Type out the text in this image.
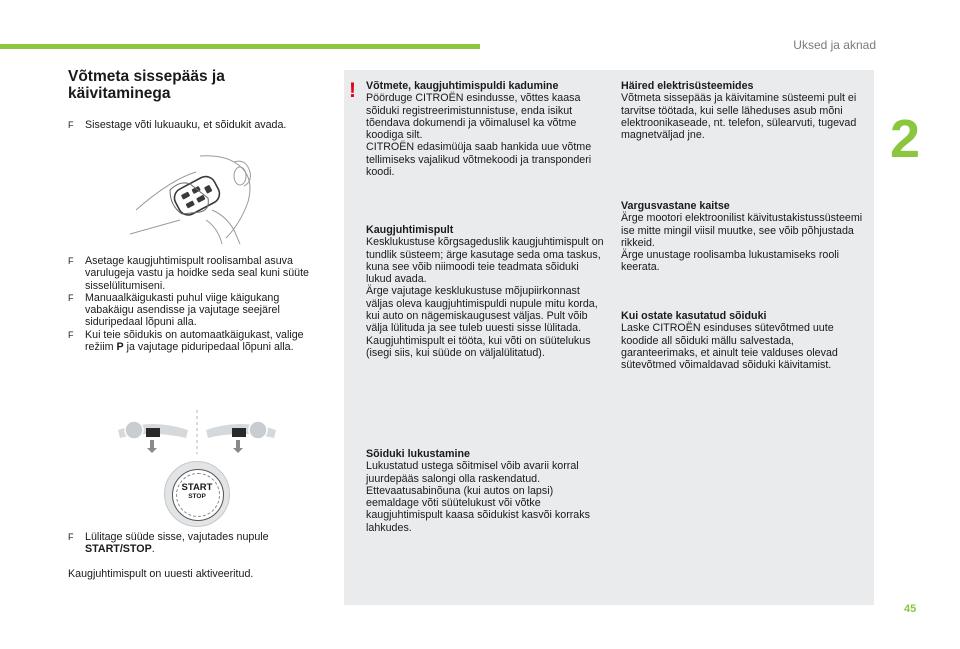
Uksed ja aknad
2
45
Võtmeta sissepääs ja
käivitaminega
F	Sisestage võti lukuauku, et sõidukit avada.
F	Asetage kaugjuhtimispult roolisambal asuva varulugeja vastu ja hoidke seda seal kuni süüte sisselülitumiseni.
F	Manuaalkäigukasti puhul viige käigukang vabakäigu asendisse ja vajutage seejärel siduripedaal lõpuni alla.
F	Kui teie sõidukis on automaatkäigukast, valige režiim P ja vajutage piduripedaal lõpuni alla.
START
STOP
F	Lülitage süüde sisse, vajutades nupule START/STOP.
Kaugjuhtimispult on uuesti aktiveeritud.
! Võtmete, kaugjuhtimispuldi kadumine

Pöörduge CITROËN esindusse, võttes kaasa sõiduki registreerimistunnistuse, enda isikut tõendava dokumendi ja võimalusel ka võtme koodiga silt.

CITROËN edasimüüja saab hankida uue võtme tellimiseks vajalikud võtmekoodi ja transponderi koodi.

Kaugjuhtimispult

Kesklukustuse kõrgsageduslik kaugjuhtimispult on tundlik süsteem; ärge kasutage seda oma taskus, kuna see võib niimoodi teie teadmata sõiduki lukud avada.

Ärge vajutage kesklukustuse mõjupiirkonnast väljas oleva kaugjuhtimispuldi nupule mitu korda, kui auto on nägemiskaugusest väljas. Pult võib välja lülituda ja see tuleb uuesti sisse lülitada.

Kaugjuhtimispult ei tööta, kui võti on süütelukus (isegi siis, kui süüde on väljalülitatud).

Sõiduki lukustamine

Lukustatud ustega sõitmisel võib avarii korral juurdepääs salongi olla raskendatud.

Ettevaatusabinõuna (kui autos on lapsi) eemaldage võti süütelukust või võtke kaugjuhtimispult kaasa sõidukist kasvõi korraks lahkudes.

Häired elektrisüsteemides

Võtmeta sissepääs ja käivitamine süsteemi pult ei tarvitse töötada, kui selle läheduses asub mõni elektroonikaseade, nt. telefon, sülearvuti, tugevad magnetväljad jne.

Vargusvastane kaitse

Ärge mootori elektroonilist käivitustakistussüsteemi ise mitte mingil viisil muutke, see võib põhjustada rikkeid.

Ärge unustage roolisamba lukustamiseks rooli keerata.

Kui ostate kasutatud sõiduki

Laske CITROËN esinduses sütevõtmed uute koodide all sõiduki mällu salvestada, garanteerimaks, et ainult teie valduses olevad sütevõtmed võimaldavad sõiduki käivitamist.
